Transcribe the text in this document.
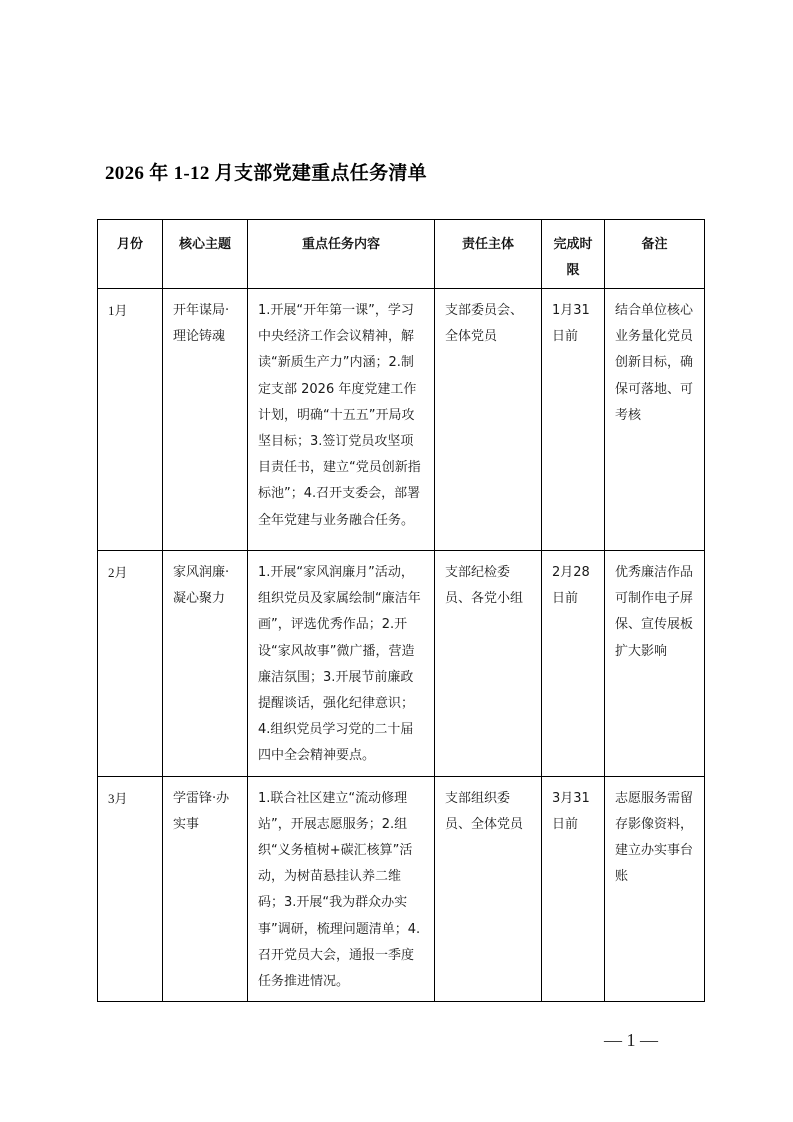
2026 年 1-12 月支部党建重点任务清单
月份	核心主题	重点任务内容	责任主体	完成时限	备注
1月	开年谋局·理论铸魂	1.开展“开年第一课”，学习中央经济工作会议精神，解读“新质生产力”内涵；2.制定支部 2026 年度党建工作计划，明确“十五五”开局攻坚目标；3.签订党员攻坚项目责任书，建立“党员创新指标池”；4.召开支委会，部署全年党建与业务融合任务。	支部委员会、全体党员	1月31日前	结合单位核心业务量化党员创新目标，确保可落地、可考核
2月	家风润廉·凝心聚力	1.开展“家风润廉月”活动，组织党员及家属绘制“廉洁年画”，评选优秀作品；2.开设“家风故事”微广播，营造廉洁氛围；3.开展节前廉政提醒谈话，强化纪律意识；4.组织党员学习党的二十届四中全会精神要点。	支部纪检委员、各党小组	2月28日前	优秀廉洁作品可制作电子屏保、宣传展板扩大影响
3月	学雷锋·办实事	1.联合社区建立“流动修理站”，开展志愿服务；2.组织“义务植树+碳汇核算”活动，为树苗悬挂认养二维码；3.开展“我为群众办实事”调研，梳理问题清单；4.召开党员大会，通报一季度任务推进情况。	支部组织委员、全体党员	3月31日前	志愿服务需留存影像资料，建立办实事台账
— 1 —
